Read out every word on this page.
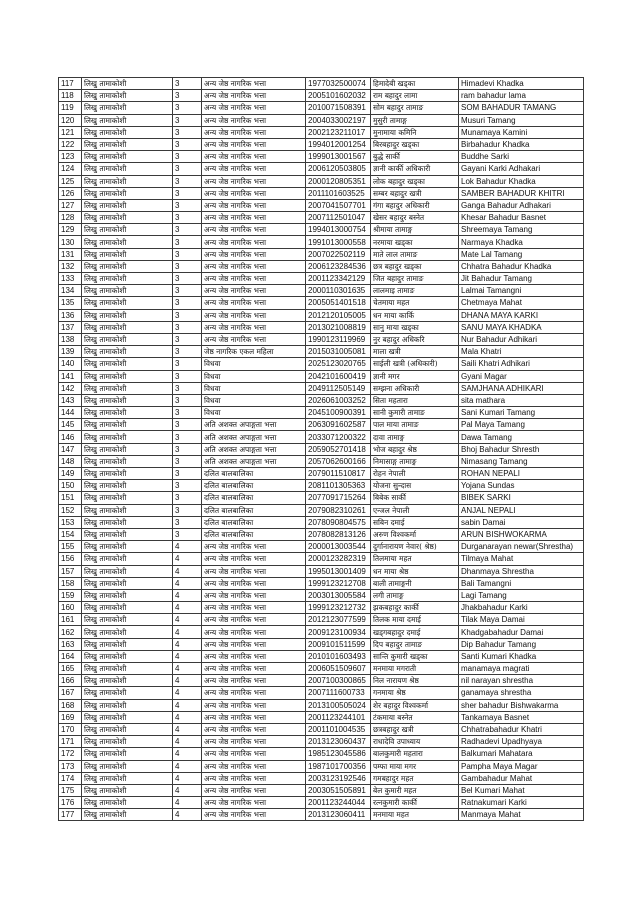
117	लिखु तामाकोशी	3	अन्य जेष्ठ नागरिक भत्ता	1977032500074	हिमादेबी खड्का	Himadevi Khadka
118	लिखु तामाकोशी	3	अन्य जेष्ठ नागरिक भत्ता	2005101602032	राम बहादुर लामा	ram bahadur lama
119	लिखु तामाकोशी	3	अन्य जेष्ठ नागरिक भत्ता	2010071508391	सोम बहादुर तामाङ	SOM BAHADUR TAMANG
120	लिखु तामाकोशी	3	अन्य जेष्ठ नागरिक भत्ता	2004033002197	मुसुरी तामाङ्ग	Musuri Tamang
121	लिखु तामाकोशी	3	अन्य जेष्ठ नागरिक भत्ता	2002123211017	मुनामाया कमिनि	Munamaya Kamini
122	लिखु तामाकोशी	3	अन्य जेष्ठ नागरिक भत्ता	1994012001254	बिरबहादुर खड्का	Birbahadur Khadka
123	लिखु तामाकोशी	3	अन्य जेष्ठ नागरिक भत्ता	1999013001567	बुद्धे सार्की	Buddhe Sarki
124	लिखु तामाकोशी	3	अन्य जेष्ठ नागरिक भत्ता	2006120503805	ज्ञानी कार्की अधिकारी	Gayani Karki Adhakari
125	लिखु तामाकोशी	3	अन्य जेष्ठ नागरिक भत्ता	2000120805351	लोक बहादुर खड्का	Lok Bahadur Khadka
126	लिखु तामाकोशी	3	अन्य जेष्ठ नागरिक भत्ता	2011101603525	सम्बर बहादुर खत्री	SAMBER BAHADUR KHITRI
127	लिखु तामाकोशी	3	अन्य जेष्ठ नागरिक भत्ता	2007041507701	गंगा बहादुर अधिकारी	Ganga Bahadur Adhakari
128	लिखु तामाकोशी	3	अन्य जेष्ठ नागरिक भत्ता	2007112501047	खेसर बहादुर बस्नेत	Khesar Bahadur Basnet
129	लिखु तामाकोशी	3	अन्य जेष्ठ नागरिक भत्ता	1994013000754	श्रीमाया तामाङ्ग	Shreemaya Tamang
130	लिखु तामाकोशी	3	अन्य जेष्ठ नागरिक भत्ता	1991013000558	नरमाया खड्का	Narmaya Khadka
131	लिखु तामाकोशी	3	अन्य जेष्ठ नागरिक भत्ता	2007022502119	माते लाल तामाङ	Mate Lal Tamang
132	लिखु तामाकोशी	3	अन्य जेष्ठ नागरिक भत्ता	2006123284536	छत्र बहादुर खड्का	Chhatra Bahadur Khadka
133	लिखु तामाकोशी	3	अन्य जेष्ठ नागरिक भत्ता	2001123342129	जित बहादुर तामाङ	Jit Bahadur Tamang
134	लिखु तामाकोशी	3	अन्य जेष्ठ नागरिक भत्ता	2000110301635	लालमाइ तामाङ	Lalmai Tamangni
135	लिखु तामाकोशी	3	अन्य जेष्ठ नागरिक भत्ता	2005051401518	चेतमाया महत	Chetmaya Mahat
136	लिखु तामाकोशी	3	अन्य जेष्ठ नागरिक भत्ता	2012120105005	धन माया कार्कि	DHANA MAYA KARKI
137	लिखु तामाकोशी	3	अन्य जेष्ठ नागरिक भत्ता	2013021008819	सानु माया खड्का	SANU MAYA KHADKA
138	लिखु तामाकोशी	3	अन्य जेष्ठ नागरिक भत्ता	1990123119969	नुर बहादुर अधिकरि	Nur Bahadur Adhikari
139	लिखु तामाकोशी	3	जेष्ठ नागरिक एकल महिला	2015031005081	माला खत्री	Mala Khatri
140	लिखु तामाकोशी	3	विधवा	2025123020765	साईली खत्री (अधिकारी)	Saili Khatri Adhikari
141	लिखु तामाकोशी	3	विधवा	2042101600419	ज्ञानी मगर	Gyani Magar
142	लिखु तामाकोशी	3	विधवा	2049112505149	सम्झना अधिकारी	SAMJHANA ADHIKARI
143	लिखु तामाकोशी	3	विधवा	2026061003252	सिता महतारा	sita mathara
144	लिखु तामाकोशी	3	विधवा	2045100900391	सानी कुमारी तामाङ	Sani Kumari Tamang
145	लिखु तामाकोशी	3	अति अशक्त अपाङ्गता भत्ता	2063091602587	पाल माया तामाङ	Pal Maya Tamang
146	लिखु तामाकोशी	3	अति अशक्त अपाङ्गता भत्ता	2033071200322	दावा तामाङ्ग	Dawa Tamang
147	लिखु तामाकोशी	3	अति अशक्त अपाङ्गता भत्ता	2059052701418	भोज बहादुर श्रेष्ठ	Bhoj Bahadur Shresth
148	लिखु तामाकोशी	3	अति अशक्त अपाङ्गता भत्ता	2057062600166	निमासाङ्ग तामाङ्ग	Nimasang Tamang
149	लिखु तामाकोशी	3	दलित बालबालिका	2079011510817	रोहन नेपाली	ROHAN NEPALI
150	लिखु तामाकोशी	3	दलित बालबालिका	2081101305363	योजना सुन्दास	Yojana Sundas
151	लिखु तामाकोशी	3	दलित बालबालिका	2077091715264	बिबेक सार्की	BIBEK SARKI
152	लिखु तामाकोशी	3	दलित बालबालिका	2079082310261	एन्जल नेपाली	ANJAL NEPALI
153	लिखु तामाकोशी	3	दलित बालबालिका	2078090804575	सबिन दमाई	sabin Damai
154	लिखु तामाकोशी	3	दलित बालबालिका	2078082813126	अरुण विश्वकर्मा	ARUN BISHWOKARMA
155	लिखु तामाकोशी	4	अन्य जेष्ठ नागरिक भत्ता	2000013003544	दुर्गानारायण नेवार( श्रेष्ठ)	Durganarayan newar(Shrestha)
156	लिखु तामाकोशी	4	अन्य जेष्ठ नागरिक भत्ता	2000123282319	तिलमाया महत	Tilmaya Mahat
157	लिखु तामाकोशी	4	अन्य जेष्ठ नागरिक भत्ता	1995013001409	धन माया श्रेष्ठ	Dhanmaya Shrestha
158	लिखु तामाकोशी	4	अन्य जेष्ठ नागरिक भत्ता	1999123212708	बाली तामाङ्गनी	Bali Tamangni
159	लिखु तामाकोशी	4	अन्य जेष्ठ नागरिक भत्ता	2003013005584	लगी तामाङ्ग	Lagi Tamang
160	लिखु तामाकोशी	4	अन्य जेष्ठ नागरिक भत्ता	1999123212732	झकबहादुर कार्की	Jhakbahadur Karki
161	लिखु तामाकोशी	4	अन्य जेष्ठ नागरिक भत्ता	2012123077599	तिलक माया दमाई	Tilak Maya Damai
162	लिखु तामाकोशी	4	अन्य जेष्ठ नागरिक भत्ता	2009123100934	खड्गबहादुर दमाई	Khadgabahadur Damai
163	लिखु तामाकोशी	4	अन्य जेष्ठ नागरिक भत्ता	2009101511599	दिप बहादुर तामाङ	Dip Bahadur Tamang
164	लिखु तामाकोशी	4	अन्य जेष्ठ नागरिक भत्ता	2010101603493	सान्ति कुमारी खड्का	Santi Kumari Khadka
165	लिखु तामाकोशी	4	अन्य जेष्ठ नागरिक भत्ता	2006051509607	मनमाया मगराती	manamaya magrati
166	लिखु तामाकोशी	4	अन्य जेष्ठ नागरिक भत्ता	2007100300865	निल नारायण श्रेष्ठ	nil narayan shrestha
167	लिखु तामाकोशी	4	अन्य जेष्ठ नागरिक भत्ता	2007111600733	गनमाया श्रेष्ठ	ganamaya shrestha
168	लिखु तामाकोशी	4	अन्य जेष्ठ नागरिक भत्ता	2013100505024	शेर बहादुर विश्वकर्मा	sher bahadur Bishwakarma
169	लिखु तामाकोशी	4	अन्य जेष्ठ नागरिक भत्ता	2001123244101	टंकमाया बस्नेत	Tankamaya Basnet
170	लिखु तामाकोशी	4	अन्य जेष्ठ नागरिक भत्ता	2001101004535	छत्रबहादुर खत्री	Chhatrabahadur Khatri
171	लिखु तामाकोशी	4	अन्य जेष्ठ नागरिक भत्ता	2013123060437	राधादेवि उपाध्याय	Radhadevi Upadhyaya
172	लिखु तामाकोशी	4	अन्य जेष्ठ नागरिक भत्ता	1985123045586	बालकुमारी महतारा	Balkumari Mahatara
173	लिखु तामाकोशी	4	अन्य जेष्ठ नागरिक भत्ता	1987101700356	पम्फा माया मगर	Pampha Maya Magar
174	लिखु तामाकोशी	4	अन्य जेष्ठ नागरिक भत्ता	2003123192546	गमबहादुर महत	Gambahadur Mahat
175	लिखु तामाकोशी	4	अन्य जेष्ठ नागरिक भत्ता	2003051505891	बेल कुमारी महत	Bel Kumari Mahat
176	लिखु तामाकोशी	4	अन्य जेष्ठ नागरिक भत्ता	2001123244044	रत्नकुमारी कार्की	Ratnakumari Karki
177	लिखु तामाकोशी	4	अन्य जेष्ठ नागरिक भत्ता	2013123060411	मनमाया महत	Manmaya Mahat
